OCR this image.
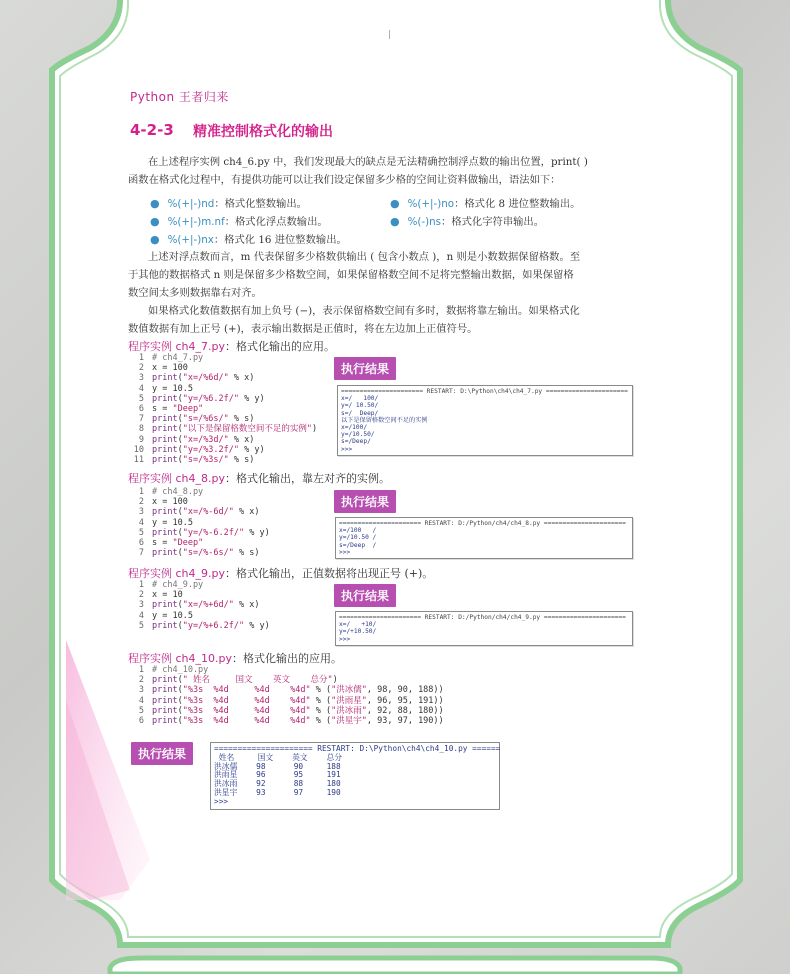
|
Python 王者归来
4-2-3 精准控制格式化的输出

在上述程序实例 ch4_6.py 中，我们发现最大的缺点是无法精确控制浮点数的输出位置，print( )

函数在格式化过程中，有提供功能可以让我们设定保留多少格的空间让资料做输出，语法如下：
● %(+|-)nd：格式化整数输出。	● %(+|-)no：格式化 8 进位整数输出。
● %(+|-)m.nf：格式化浮点数输出。	● %(-)ns：格式化字符串输出。
● %(+|-)nx：格式化 16 进位整数输出。

上述对浮点数而言，m 代表保留多少格数供输出 ( 包含小数点 )，n 则是小数数据保留格数。至

于其他的数据格式 n 则是保留多少格数空间，如果保留格数空间不足将完整输出数据，如果保留格
数空间太多则数据靠右对齐。

如果格式化数值数据有加上负号 (−)，表示保留格数空间有多时，数据将靠左输出。如果格式化

数值数据有加上正号 (+)，表示输出数据是正值时，将在左边加上正值符号。
程序实例 ch4_7.py：格式化输出的应用。
1 # ch4_7.py
2 x = 100
3 print("x=/%6d/" % x)
4 y = 10.5
5 print("y=/%6.2f/" % y)
6 s = "Deep"
7 print("s=/%6s/" % s)
8 print("以下是保留格数空间不足的实例")
9 print("x=/%3d/" % x)
10 print("y=/%3.2f/" % y)
11 print("s=/%3s/" % s)
执行结果
====================== RESTART: D:\Python\ch4\ch4_7.py ======================
x=/   100/
y=/ 10.50/
s=/  Deep/
以下是保留格数空间不足的实例
x=/100/
y=/10.50/
s=/Deep/
>>>
程序实例 ch4_8.py：格式化输出，靠左对齐的实例。
1 # ch4_8.py
2 x = 100
3 print("x=/%-6d/" % x)
4 y = 10.5
5 print("y=/%-6.2f/" % y)
6 s = "Deep"
7 print("s=/%-6s/" % s)
执行结果
====================== RESTART: D:/Python/ch4/ch4_8.py ======================
x=/100   /
y=/10.50 /
s=/Deep  /
>>>
程序实例 ch4_9.py：格式化输出，正值数据将出现正号 (+)。
1 # ch4_9.py
2 x = 10
3 print("x=/%+6d/" % x)
4 y = 10.5
5 print("y=/%+6.2f/" % y)
执行结果
====================== RESTART: D:/Python/ch4/ch4_9.py ======================
x=/   +10/
y=/+10.50/
>>>
程序实例 ch4_10.py：格式化输出的应用。
1 # ch4_10.py
2 print(" 姓名     国文    英文    总分")
3 print("%3s  %4d     %4d    %4d" % ("洪冰儒", 98, 90, 188))
4 print("%3s  %4d     %4d    %4d" % ("洪雨星", 96, 95, 191))
5 print("%3s  %4d     %4d    %4d" % ("洪冰雨", 92, 88, 180))
6 print("%3s  %4d     %4d    %4d" % ("洪星宇", 93, 97, 190))
执行结果	===================== RESTART: D:\Python\ch4\ch4_10.py ======
姓名     国文    英文    总分
洪冰儒    98      90     188
洪雨星    96      95     191
洪冰雨    92      88     180
洪星宇    93      97     190
>>>
